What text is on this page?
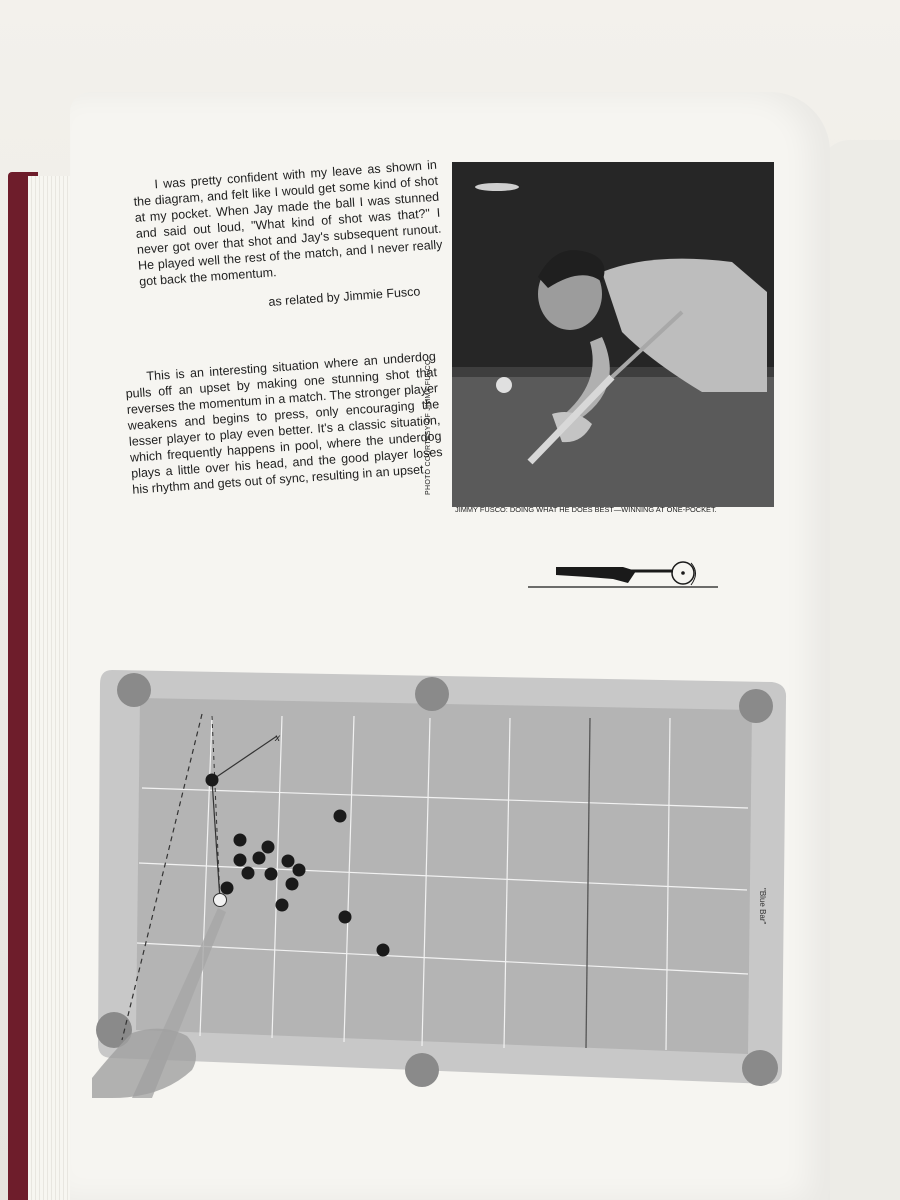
I was pretty confident with my leave as shown in the diagram, and felt like I would get some kind of shot at my pocket. When Jay made the ball I was stunned and said out loud, "What kind of shot was that?" I never got over that shot and Jay's subsequent runout. He played well the rest of the match, and I never really got back the momentum.

as related by Jimmie Fusco

This is an interesting situation where an underdog pulls off an upset by making one stunning shot that reverses the momentum in a match. The stronger player weakens and begins to press, only encouraging the lesser player to play even better. It's a classic situation, which frequently happens in pool, where the underdog plays a little over his head, and the good player loses his rhythm and gets out of sync, resulting in an upset.

PHOTO COURTESY OF JIMMY FUSCO
JIMMY FUSCO: DOING WHAT HE DOES BEST—WINNING AT ONE-POCKET.
"Blue Bar"
x
